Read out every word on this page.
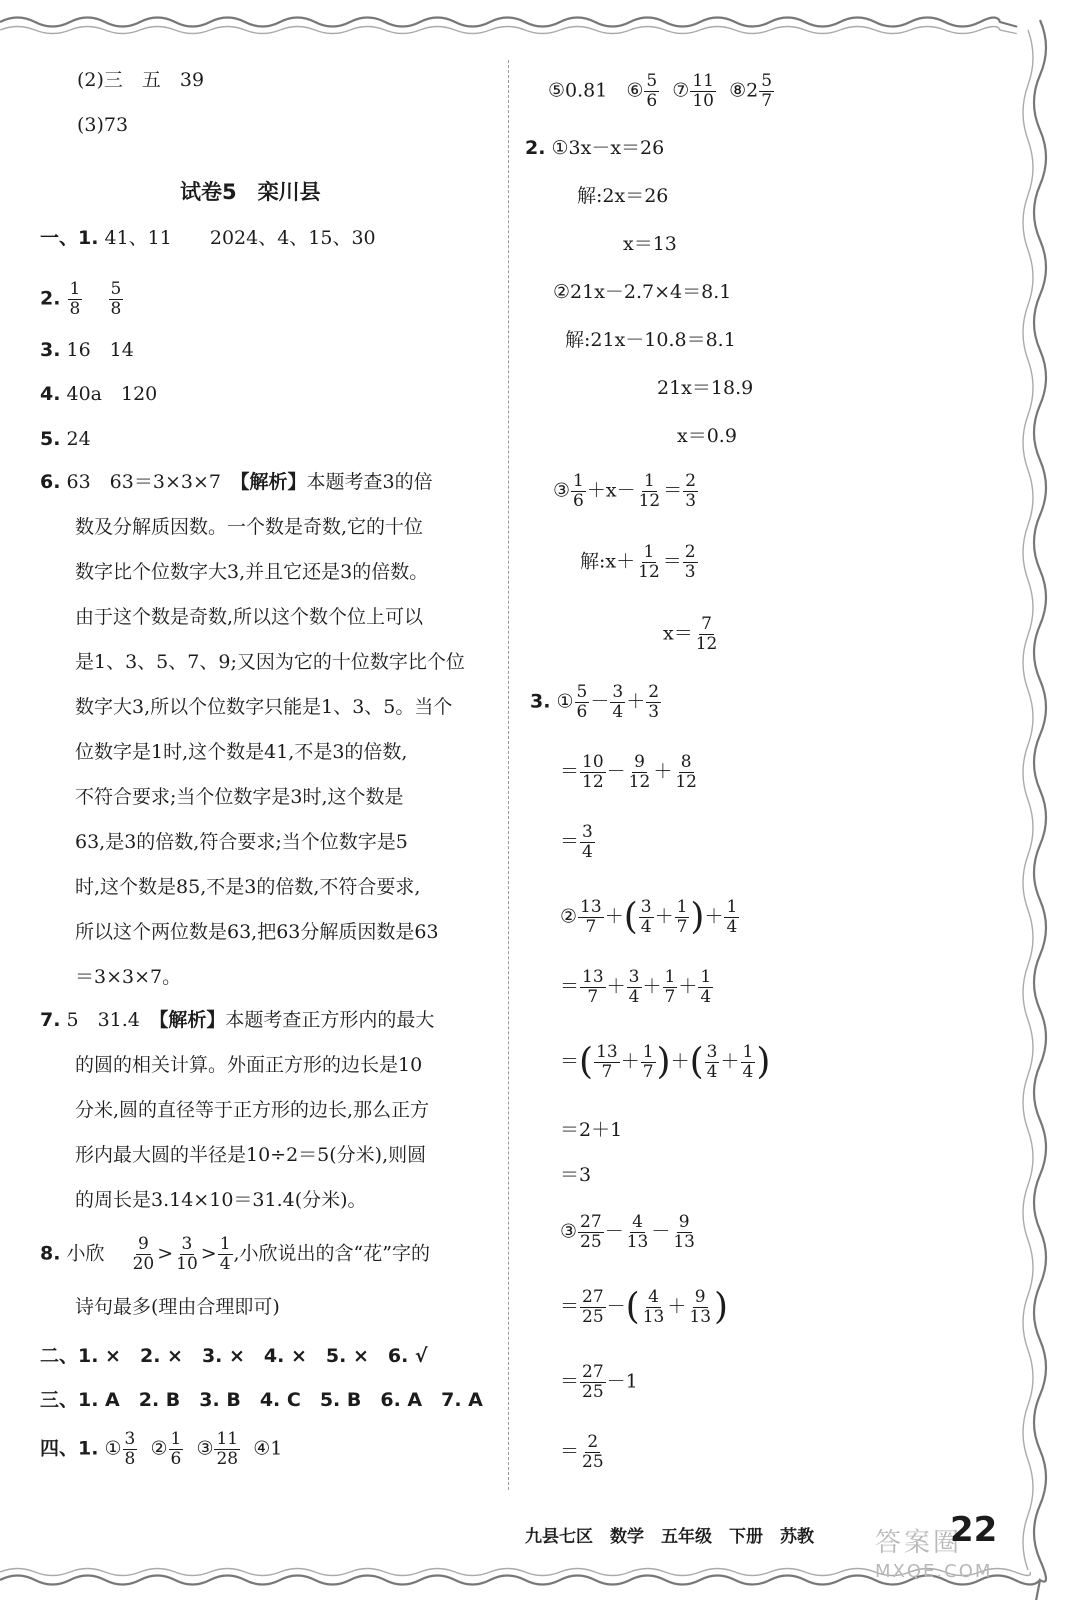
(2)三　五　39
(3)73
试卷5　栾川县
一、1. 41、11　　2024、4、15、30
2. $\frac{1}{8}$
$\frac{5}{8}$
3. 16　14
4. 40a　120
5. 24
6. 63　63＝3×3×7　【解析】本题考查3的倍
数及分解质因数。一个数是奇数,它的十位
数字比个位数字大3,并且它还是3的倍数。
由于这个数是奇数,所以这个数个位上可以
是1、3、5、7、9;又因为它的十位数字比个位
数字大3,所以个位数字只能是1、3、5。当个
位数字是1时,这个数是41,不是3的倍数,
不符合要求;当个位数字是3时,这个数是
63,是3的倍数,符合要求;当个位数字是5
时,这个数是85,不是3的倍数,不符合要求,
所以这个两位数是63,把63分解质因数是63
＝3×3×7。
7. 5　31.4　【解析】本题考查正方形内的最大
的圆的相关计算。外面正方形的边长是10
分米,圆的直径等于正方形的边长,那么正方
形内最大圆的半径是10÷2＝5(分米),则圆
的周长是3.14×10＝31.4(分米)。
8. 小欣　 $\frac{9}{20} > \frac{3}{10} > \frac{1}{4}$ ,小欣说出的含“花”字的
诗句最多(理由合理即可)
二、1. ×　2. ×　3. ×　4. ×　5. ×　6. √
三、1. A　2. B　3. B　4. C　5. B　6. A　7. A
四、1. ① $\frac{3}{8}$ ② $\frac{1}{6}$ ③ $\frac{11}{28}$ ④1
⑤0.81　⑥ $\frac{5}{6}$ ⑦ $\frac{11}{10}$ ⑧2 $\frac{5}{7}$
2. ①3x－x＝26
解:2x＝26
x＝13
②21x－2.7×4＝8.1
解:21x－10.8＝8.1
21x＝18.9
x＝0.9
③ $\frac{1}{6} +x- \frac{1}{12} = \frac{2}{3}$
解:x＋ $\frac{1}{12} = \frac{2}{3}$
$x= \frac{7}{12}$
3. ① $\frac{5}{6} - \frac{3}{4} + \frac{2}{3}$
＝ $\frac{10}{12} - \frac{9}{12} + \frac{8}{12}$
＝ $\frac{3}{4}$
② $\frac{13}{7}$ ＋( $\frac{3}{4} + \frac{1}{7}$ )＋ $\frac{1}{4}$
＝ $\frac{13}{7} + \frac{3}{4} + \frac{1}{7} + \frac{1}{4}$
＝( $\frac{13}{7} + \frac{1}{7}$ )＋( $\frac{3}{4} + \frac{1}{4}$ )
＝2＋1
＝3
③ $\frac{27}{25} - \frac{4}{13} - \frac{9}{13}$
＝ $\frac{27}{25}$ －( $\frac{4}{13} + \frac{9}{13}$ )
＝ $\frac{27}{25} -1$
＝ $\frac{2}{25}$
九县七区　数学　五年级　下册　苏教 答案圈
MXQE.COM
22
